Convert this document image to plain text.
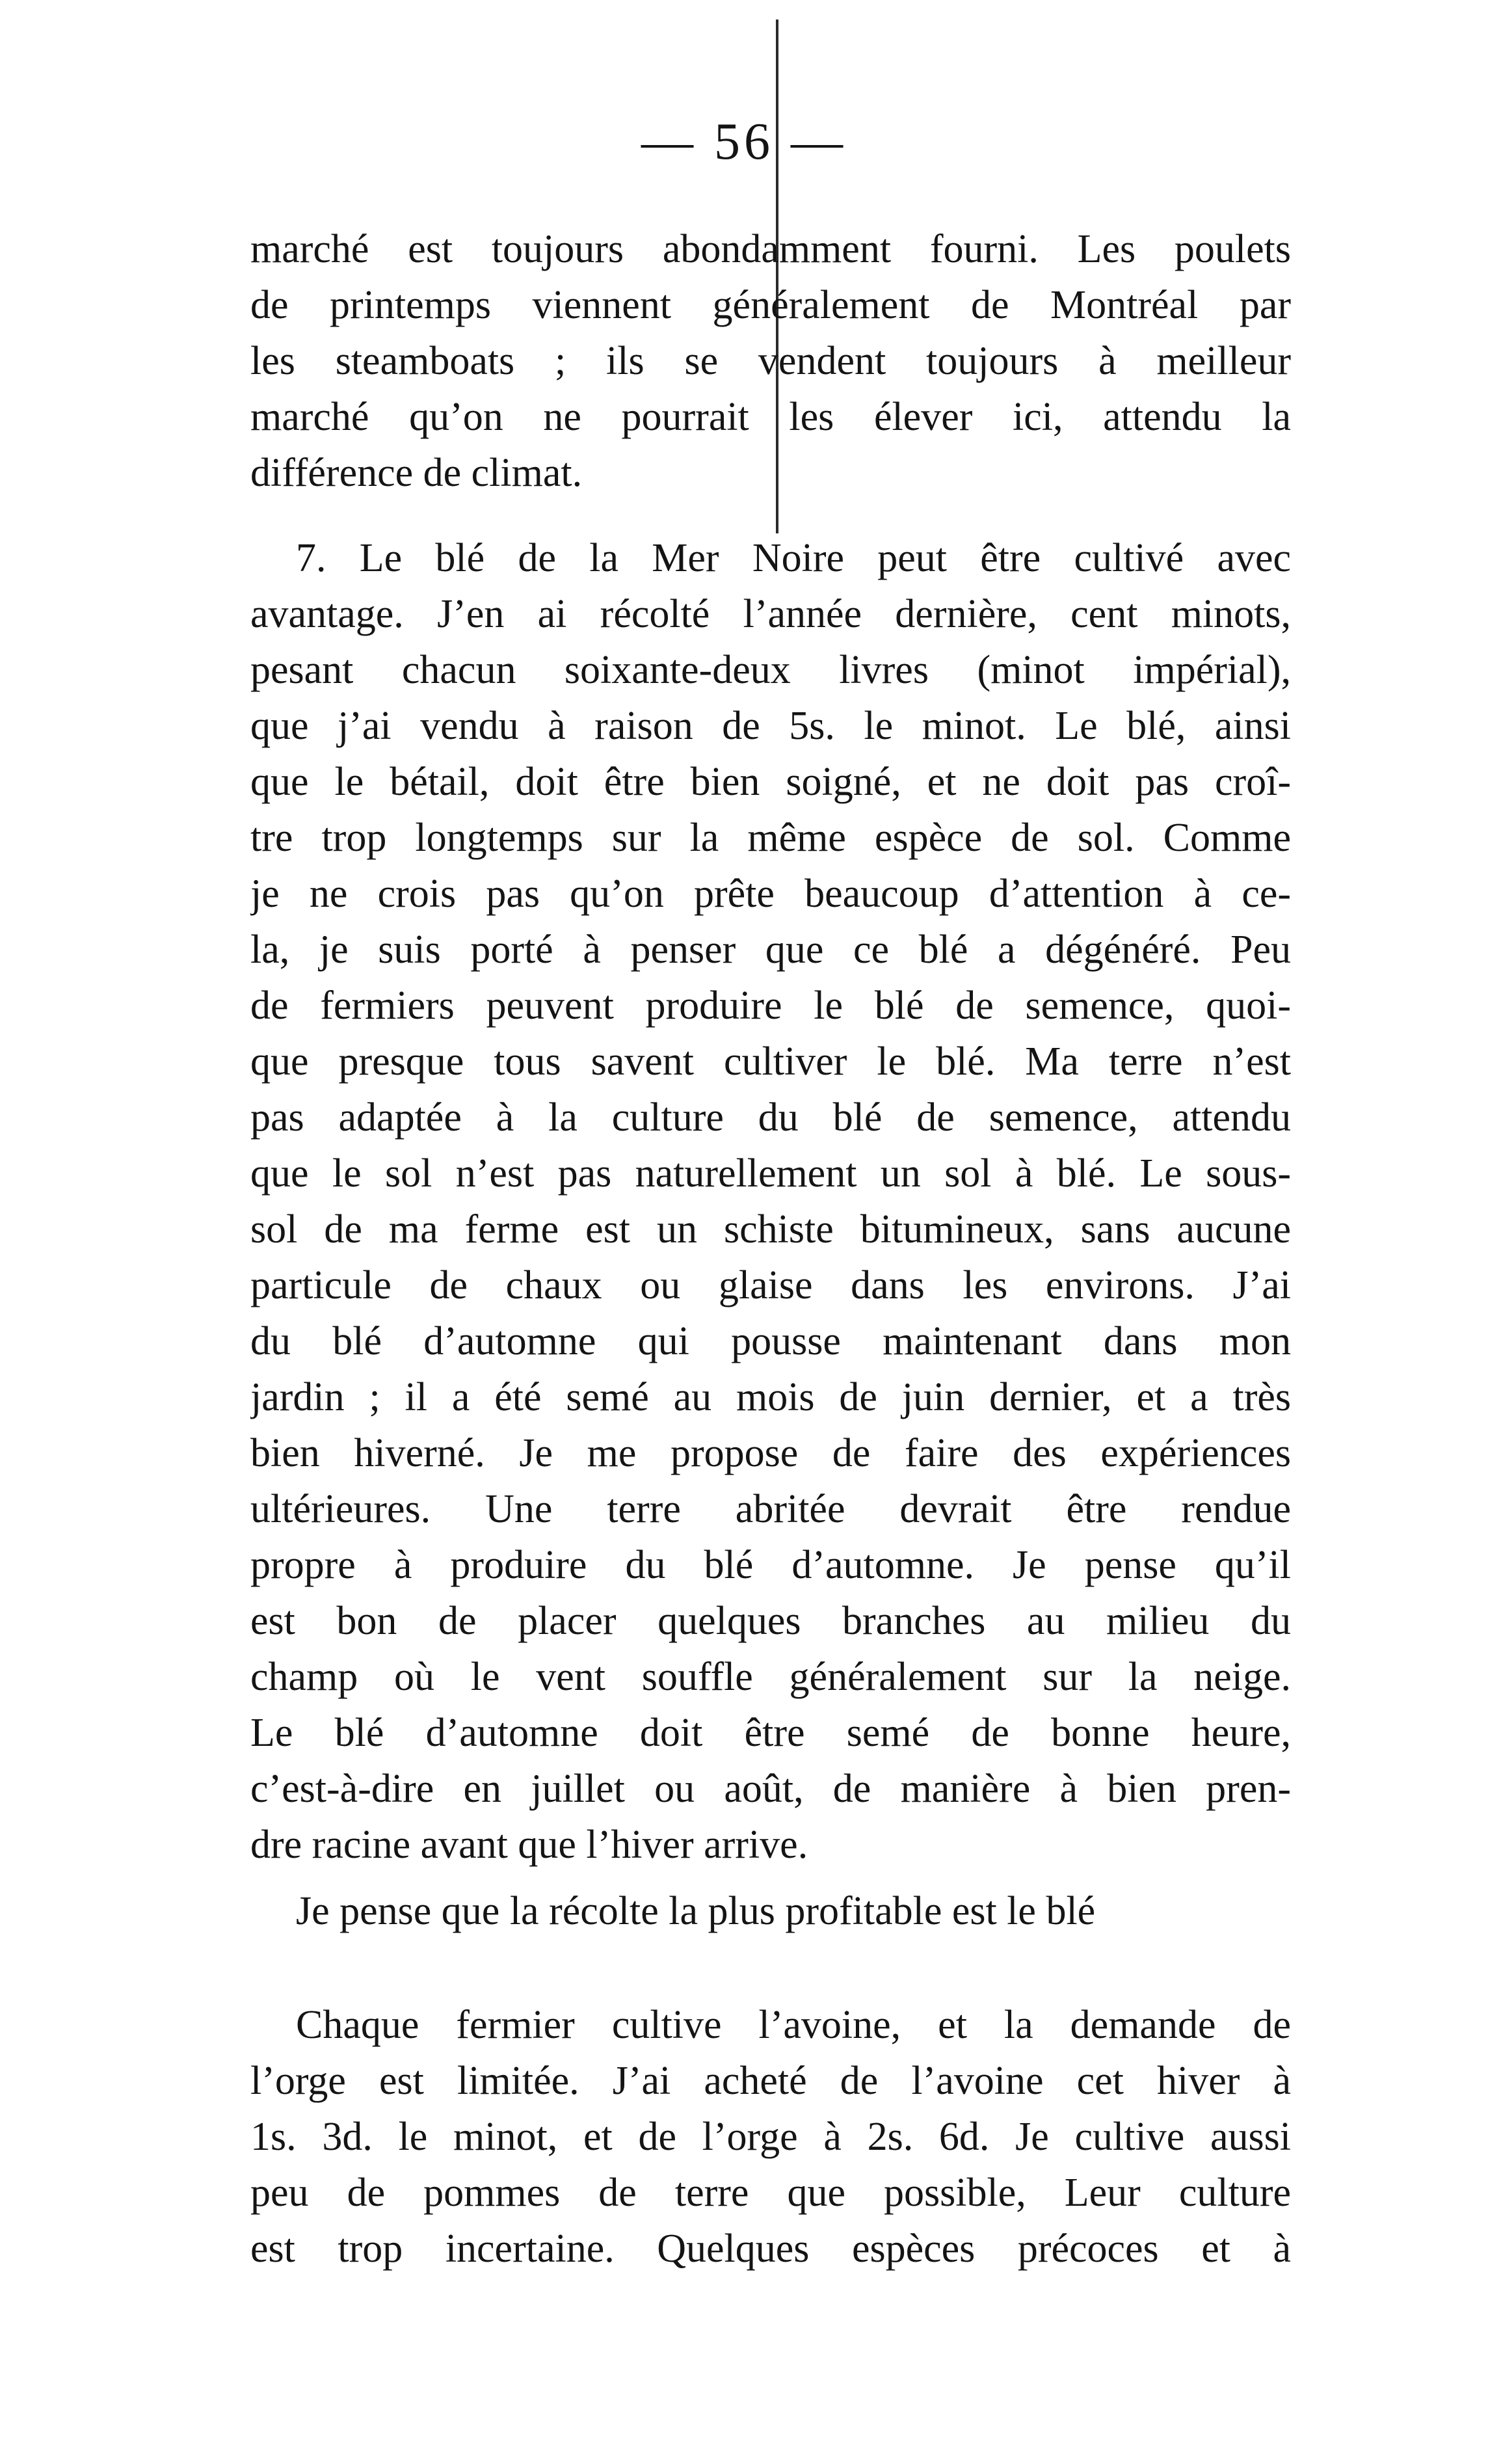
— 56 —
marché est toujours abondamment fourni. Les poulets
de printemps viennent généralement de Montréal par
les steamboats ; ils se vendent toujours à meilleur
marché qu’on ne pourrait les élever ici, attendu la
différence de climat.
7. Le blé de la Mer Noire peut être cultivé avec
avantage. J’en ai récolté l’année dernière, cent minots,
pesant chacun soixante-deux livres (minot impérial),
que j’ai vendu à raison de 5s. le minot. Le blé, ainsi
que le bétail, doit être bien soigné, et ne doit pas croî-
tre trop longtemps sur la même espèce de sol. Comme
je ne crois pas qu’on prête beaucoup d’attention à ce-
la, je suis porté à penser que ce blé a dégénéré. Peu
de fermiers peuvent produire le blé de semence, quoi-
que presque tous savent cultiver le blé. Ma terre n’est
pas adaptée à la culture du blé de semence, attendu
que le sol n’est pas naturellement un sol à blé. Le sous-
sol de ma ferme est un schiste bitumineux, sans aucune
particule de chaux ou glaise dans les environs. J’ai
du blé d’automne qui pousse maintenant dans mon
jardin ; il a été semé au mois de juin dernier, et a très
bien hiverné. Je me propose de faire des expériences
ultérieures. Une terre abritée devrait être rendue
propre à produire du blé d’automne. Je pense qu’il
est bon de placer quelques branches au milieu du
champ où le vent souffle généralement sur la neige.
Le blé d’automne doit être semé de bonne heure,
c’est-à-dire en juillet ou août, de manière à bien pren-
dre racine avant que l’hiver arrive.
Je pense que la récolte la plus profitable est le blé
Chaque fermier cultive l’avoine, et la demande de
l’orge est limitée. J’ai acheté de l’avoine cet hiver à
1s. 3d. le minot, et de l’orge à 2s. 6d. Je cultive aussi
peu de pommes de terre que possible, Leur culture
est trop incertaine. Quelques espèces précoces et à
